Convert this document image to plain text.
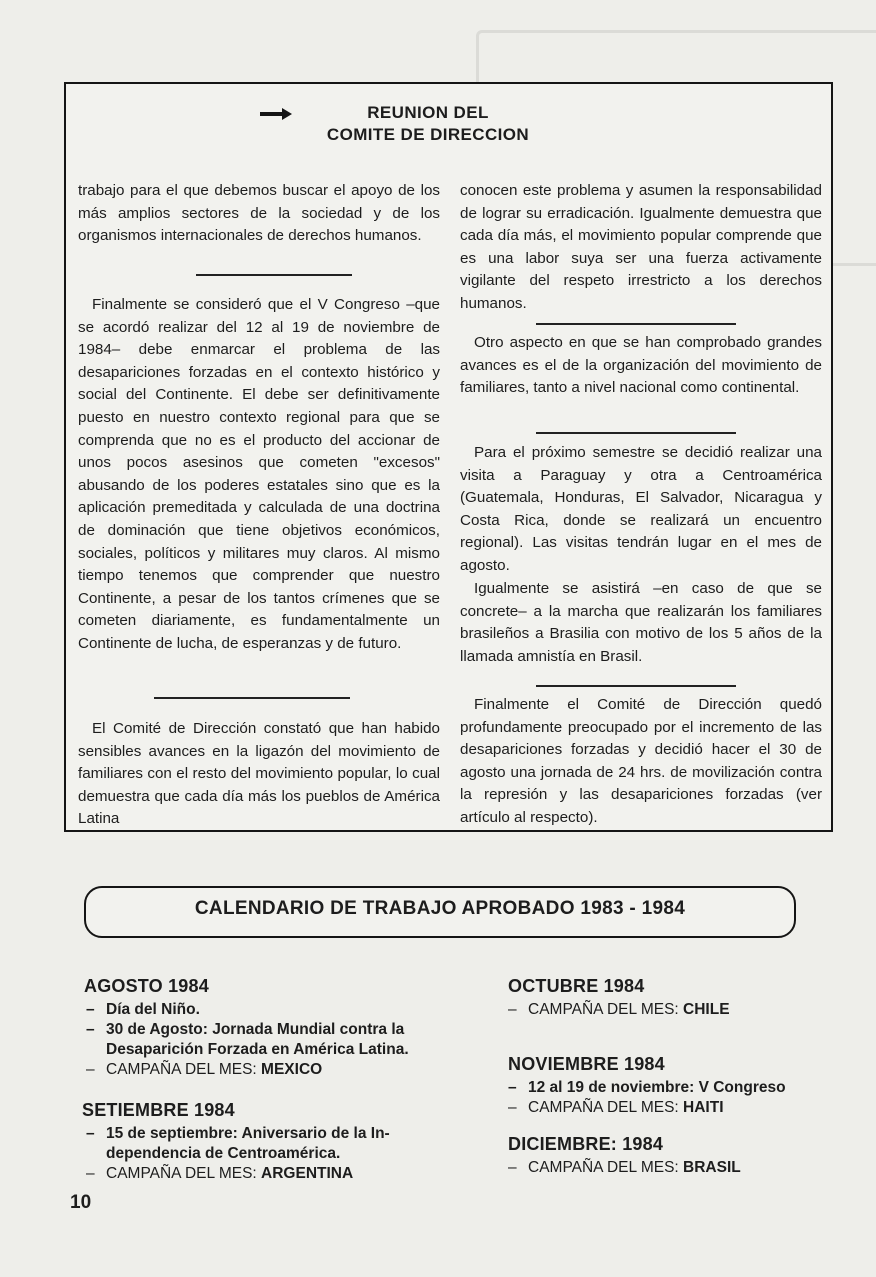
REUNION DEL
COMITE DE DIRECCION

trabajo para el que debemos buscar el apoyo de los más amplios sectores de la sociedad y de los organismos internacionales de derechos humanos.

Finalmente se consideró que el V Congreso –que se acordó realizar del 12 al 19 de noviembre de 1984– debe enmarcar el problema de las desapariciones forzadas en el contexto histórico y social del Continente. El debe ser definitivamente puesto en nuestro contexto regional para que se comprenda que no es el producto del accionar de unos pocos asesinos que cometen "excesos" abusando de los poderes estatales sino que es la aplicación premeditada y calculada de una doctrina de dominación que tiene objetivos económicos, sociales, políticos y militares muy claros. Al mismo tiempo tenemos que comprender que nuestro Continente, a pesar de los tantos crímenes que se cometen diariamente, es fundamentalmente un Continente de lucha, de esperanzas y de futuro.

El Comité de Dirección constató que han habido sensibles avances en la ligazón del movimiento de familiares con el resto del movimiento popular, lo cual demuestra que cada día más los pueblos de América Latina

conocen este problema y asumen la responsabilidad de lograr su erradicación. Igualmente demuestra que cada día más, el movimiento popular comprende que es una labor suya ser una fuerza activamente vigilante del respeto irrestricto a los derechos humanos.

Otro aspecto en que se han comprobado grandes avances es el de la organización del movimiento de familiares, tanto a nivel nacional como continental.

Para el próximo semestre se decidió realizar una visita a Paraguay y otra a Centroamérica (Guatemala, Honduras, El Salvador, Nicaragua y Costa Rica, donde se realizará un encuentro regional). Las visitas tendrán lugar en el mes de agosto.

Igualmente se asistirá –en caso de que se concrete– a la marcha que realizarán los familiares brasileños a Brasilia con motivo de los 5 años de la llamada amnistía en Brasil.

Finalmente el Comité de Dirección quedó profundamente preocupado por el incremento de las desapariciones forzadas y decidió hacer el 30 de agosto una jornada de 24 hrs. de movilización contra la represión y las desapariciones forzadas (ver artículo al respecto).

CALENDARIO DE TRABAJO APROBADO 1983 - 1984
AGOSTO 1984
– Día del Niño.
– 30 de Agosto: Jornada Mundial contra la
Desaparición Forzada en América Latina.
– CAMPAÑA DEL MES: MEXICO
SETIEMBRE 1984
– 15 de septiembre: Aniversario de la In-
dependencia de Centroamérica.
– CAMPAÑA DEL MES: ARGENTINA
OCTUBRE 1984
– CAMPAÑA DEL MES: CHILE
NOVIEMBRE 1984
– 12 al 19 de noviembre: V Congreso
– CAMPAÑA DEL MES: HAITI
DICIEMBRE: 1984
– CAMPAÑA DEL MES: BRASIL
10
